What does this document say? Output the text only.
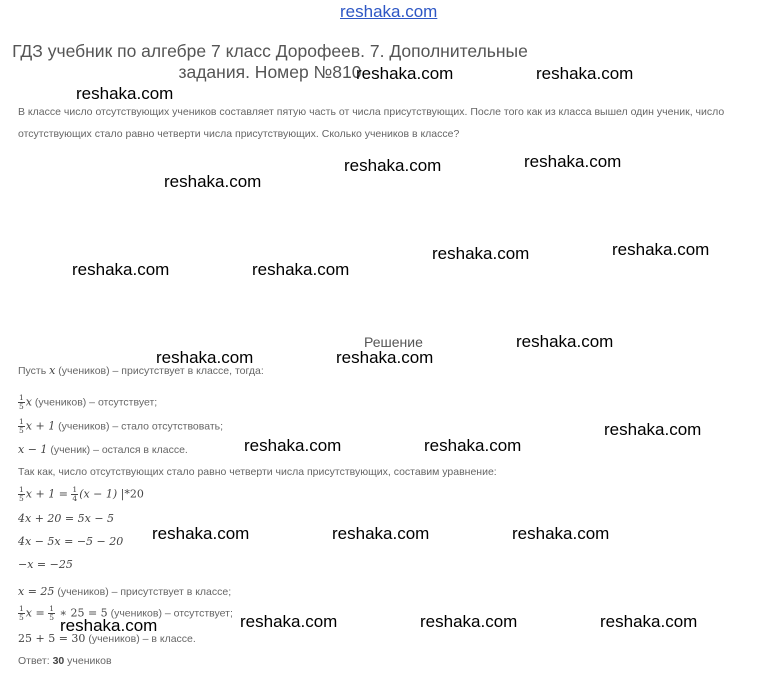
reshaka.com
ГДЗ учебник по алгебре 7 класс Дорофеев. 7. Дополнительные задания. Номер №810
В классе число отсутствующих учеников составляет пятую часть от числа присутствующих. После того как из класса вышел один ученик, число отсутствующих стало равно четверти числа присутствующих. Сколько учеников в классе?
Решение
Пусть x (учеников) – присутствует в классе, тогда:
$\frac{1}{5}$ x (учеников) – отсутствует;
$\frac{1}{5}$ x + 1 (учеников) – стало отсутствовать;
x − 1 (ученик) – остался в классе.
Так как, число отсутствующих стало равно четверти числа присутствующих, составим уравнение:
$\frac{1}{5}$ $x + 1 = \frac{1}{4} (x - 1)$ |*20
4x + 20 = 5x − 5
4x − 5x = −5 − 20
−x = −25
x = 25 (учеников) – присутствует в классе;
$\frac{1}{5}$ $x = \frac{1}{5}$ ∗ 25 = 5 (учеников) – отсутствует;
25 + 5 = 30 (учеников) – в классе.
Ответ: 30 учеников
reshaka.com
reshaka.com	reshaka.com
reshaka.com	reshaka.com
reshaka.com
reshaka.com	reshaka.com
reshaka.com	reshaka.com
reshaka.com
reshaka.com	reshaka.com
reshaka.com
reshaka.com	reshaka.com
reshaka.com	reshaka.com	reshaka.com
reshaka.com	reshaka.com	reshaka.com
reshaka.com
